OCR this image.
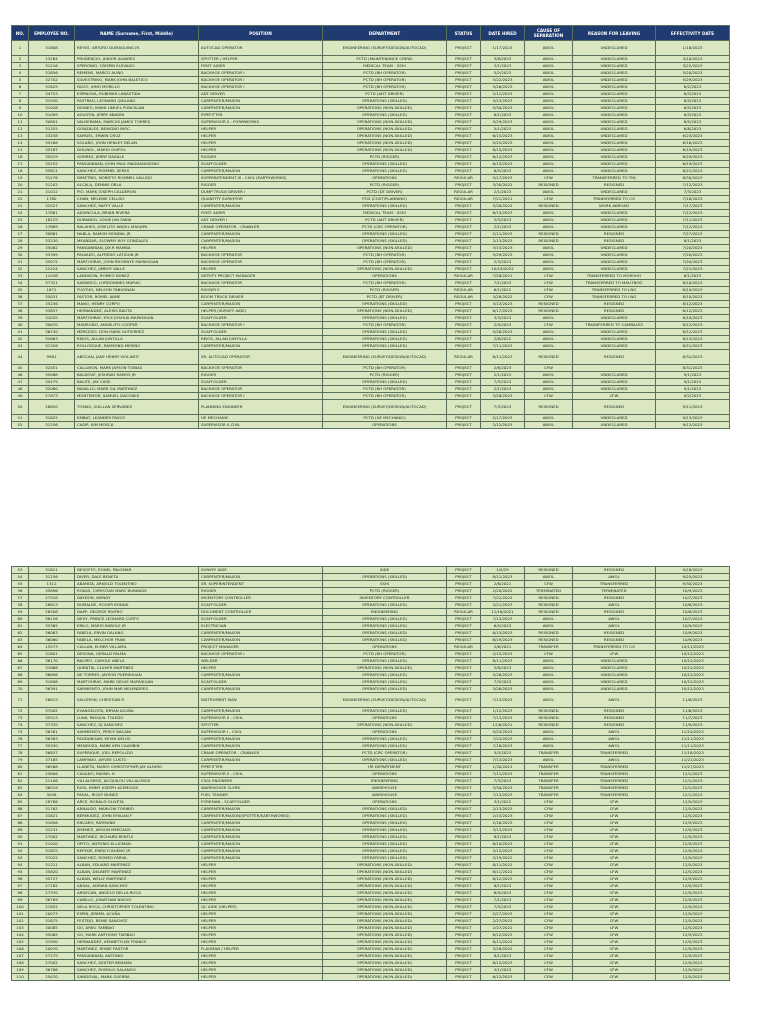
NO.	EMPLOYEE NO.	NAME (Surname, First, Middle)	POSITION	DEPARTMENT	STATUS	DATE HIRED	CAUSE OF SEPARATION	REASON FOR LEAVING	EFFECTIVITY DATE
1	31808	REYES, ARTURO DUMAGUING JR.	AUTOCAD OPERATOR	ENGINEERING (SURVEY/DESIGN/AUTOCAD)	PROJECT	1/17/2023	AWOL	UNDECLARED	1/18/2023
2	13284	PRUDENCIO, JUNIOR ALVAREZ	SPOTTER / HELPER	PCTD (MAINTENANCE CREW)	PROJECT	3/8/2023	AWOL	UNDECLARED	3/10/2023
3	31216	SPERONIO, CRISPIN ELEVADO	FIRST AIDER	MEDICAL TEAM - SSHI	PROJECT	3/1/2023	AWOL	UNDECLARED	3/22/2023
4	31856	REMENS, MARCO ALINO	BACKHOE OPERATOR I	PCTD (BH OPERATOR)	PROJECT	5/2/2023	AWOL	UNDECLARED	5/20/2023
5	32702	SILVESTRINO, MARK JOHN BALETICO	BACKHOE OPERATOR I	PCTD (BH OPERATOR)	PROJECT	5/22/2023	AWOL	UNDECLARED	5/29/2023
6	31825	FACIO, SIMO MORILLO	BACKHOE OPERATOR I	PCTD (BH OPERATOR)	PROJECT	5/26/2023	AWOL	UNDECLARED	6/2/2023
7	34753	ESPINOSA, RUBIMAR LABASTIDA	ADT DRIVER	PCTD (ADT DRIVER)	PROJECT	2/12/2023	AWOL	UNDECLARED	6/3/2023
8	31930	PASTRAO, LEONARD QUILANG	CARPENTER/MASON	OPERATIONS (SKILLED)	PROJECT	5/23/2023	AWOL	UNDECLARED	6/5/2023
9	31026	DIONEO, MARK LIMUEL PUNCALAN	CARPENTER/MASON	OPERATIONS (NON-SKILLED)	PROJECT	5/30/2023	AWOL	UNDECLARED	6/5/2023
10	31009	AGUSTIN, JERRY ABADIN	PIPEFITTER	OPERATIONS (SKILLED)	PROJECT	6/1/2023	AWOL	UNDECLARED	6/5/2023
11	30801	VALDERAMA, MARCUS JAMES TORRES	SUPERVISOR II - FORMWORKS	OPERATIONS (NON-SKILLED)	PROJECT	5/29/2023	AWOL	UNDECLARED	6/5/2023
12	31325	GONZALES, BENIGNO BIOC	HELPER	OPERATIONS (NON-SKILLED)	PROJECT	5/1/2023	AWOL	UNDECLARED	6/8/2023
13	33258	SAMUEL, ERWIN CRUZ	HELPER	OPERATIONS (NON-SKILLED)	PROJECT	6/15/2023	AWOL	UNDECLARED	6/23/2023
14	35186	SOLAÑO, JOHN HENLEY DELAN	HELPER	OPERATIONS (NON-SKILLED)	PROJECT	5/25/2023	AWOL	UNDECLARED	6/16/2023
15	35187	DOLINOL, MARIO GUIPOL	HELPER	OPERATIONS (NON-SKILLED)	PROJECT	6/15/2023	AWOL	UNDECLARED	6/19/2023
16	35019	GORRES, JERRY DAGALE	RIGGER	PCTD (RIGGER)	PROJECT	6/12/2023	AWOL	UNDECLARED	6/29/2023
17	35252	PANGANIBAN, JOHN PAUL MAGDANGSONO	SCAFFOLDER	OPERATIONS (SKILLED)	PROJECT	6/15/2023	AWOL	UNDECLARED	6/19/2023
18	35811	SANCHEZ, ROMMEL SERES	CARPENTER/MASON	OPERATIONS (SKILLED)	PROJECT	6/5/2023	AWOL	UNDECLARED	6/21/2023
19	31276	DIMETRIO, NORIETO ROMMEL VALLEJO	SUPERINTENDENT III - CIVIL (EARTHWORKS)	OPERATIONS	REGULAR	5/17/2023	CFW	TRANSFERRED TO TMJ	6/30/2023
20	31202	ALCALA, DENNIS ORLA	RIGGER	PCTD (RIGGER)	PROJECT	3/30/2022	RESIGNED	RESIGNED	7/12/2023
21	31012	PIO, MARK JOSEPH CALDERON	DUMP TRUCK DRIVER I	PCTD (DT DRIVER)	REGULAR	2/1/2023	AWOL	UNDECLARED	7/3/2023
22	1780	CHAN, MELENIE CELLDO	QUANTITY SURVEYOR	PCD (COST/PLANNING)	REGULAR	7/21/2021	CFW	TRANSFERRED TO CO	7/18/2023
23	32527	SANCHEZ, RAFFY VALLE	CARPENTER/MASON	OPERATIONS (SKILLED)	PROJECT	5/26/2022	RESIGNED	WORK ABROAD	7/17/2023
24	17861	ADVINCULA, BRIAN RIVERA	FIRST AIDER	MEDICAL TEAM - SSHI	PROJECT	6/15/2023	AWOL	UNDECLARED	7/12/2023
25	18225	DURANGO, LOUIE JUN FABIA	ADT DRIVER I	PCTD (ADT DRIVER)	PROJECT	2/3/2023	AWOL	UNDECLARED	7/11/2023
26	17889	RALAHES, JOSELITO ANGEL MAGAPA	CRANE OPERATOR - CRAWLER	PCTD (CRC OPERATOR)	PROJECT	2/1/2023	AWOL	UNDECLARED	7/12/2023
27	30881	NABLA, RAMON MONDAL JR	CARPENTER/MASON	OPERATIONS (SKILLED)	PROJECT	2/11/2023	RESIGNED	RESIGNED	7/27/2023
28	33230	MEANDAR, SLOWMY ROY GONZALES	CARPENTER/MASON	OPERATIONS (SKILLED)	PROJECT	2/13/2023	RESIGNED	RESIGNED	8/1/2023
29	35062	PANGANIBAN, JAY-R MAMBA	HELPER	OPERATIONS (NON-SKILLED)	PROJECT	3/15/2023	AWOL	UNDECLARED	7/20/2023
30	33399	PALVADO, ALFREDO LATIGUN JR	BACKHOE OPERATOR	PCTD (BH OPERATOR)	PROJECT	3/29/2023	AWOL	UNDECLARED	7/20/2023
31	35072	MARTOHRAY, JOHN RHONNYE MAPASIGAN	BACKHOE OPERATOR	PCTD (BH OPERATOR)	PROJECT	2/3/2023	AWOL	UNDECLARED	7/20/2023
32	22224	SANCHEZ, JIMBOY VALLE	HELPER	OPERATIONS (NON-SKILLED)	PROJECT	10/19/2022	AWOL	UNDECLARED	7/21/2023
33	11038	LANDISON, ROMEO NUNEZ	DEPUTY PROJECT MANAGER	OPERATIONS	REGULAR	7/28/2021	CFW	TRANSFERRED TO MOROHO	8/1/2023
34	37321	SAMARCO, LORDONINES MAPIAC	BACKHOE OPERATOR	PCTD (BH OPERATOR)	PROJECT	7/1/2023	CFW	TRANSFERRED TO MALITBOG	8/10/2023
35	1671	FUGTUO, NELSON TABUGNAN	RIGGER II	PCTD (RIGGER)	REGULAR	6/1/2022	CFW	TRANSFERRED TO LNG	8/10/2023
36	35031	FASTOR, ROMEL JAIME	BOOM TRUCK DRIVER	PCTD (BT DRIVER)	REGULAR	3/28/2022	CFW	TRANSFERRED TO LNG	8/10/2023
37	35236	MANO, HENRY CORPO	CARPENTER/MASON	OPERATIONS (SKILLED)	PROJECT	3/13/2023	RESIGNED	RESIGNED	8/12/2023
38	33857	HERNANDEZ, ALEXIS BAUTA	HELPER (SURVEY AIDE)	OPERATIONS (NON-SKILLED)	PROJECT	6/17/2023	RESIGNED	RESIGNED	8/12/2023
39	31035	MARTOHRAY, KYLE JOSHUA MAPASIGAN	SCAFFOLDER	OPERATIONS (SKILLED)	PROJECT	3/3/2023	AWOL	UNDECLARED	8/10/2023
40	30670	MADROÑO, ANGELITO COOPER	BACKHOE OPERATOR I	PCTD (BH OPERATOR)	PROJECT	2/9/2023	CFW	TRANSFERRED TO CAMBALES	8/12/2023
41	36230	MERCEDO, DON MARK GUTIERREZ	SCAFFOLDER	OPERATIONS (SKILLED)	PROJECT	5/26/2023	AWOL	UNDECLARED	8/12/2023
42	31663	REJOS, ALLAN JUNTILLA	REJOS, ALLAN JUNTILLA	OPERATIONS (SKILLED)	PROJECT	2/8/2022	AWOL	UNDECLARED	8/15/2023
43	31326	ROLLODQUE, RAYMOND MERINO	CARPENTER/MASON	OPERATIONS (SKILLED)	PROJECT	7/11/2023	AWOL	UNDECLARED	8/21/2023
44	9981	ABOCAN, JAKE HENRY VIOLANTI	SR. AUTOCAD OPERATOR	ENGINEERING (SURVEY/DESIGN/AUTOCAD)	REGULAR	6/11/2023	RESIGNED	RESIGNED	8/31/2023
45	32451	CALLAYON, MARK JAYSON TOBIAS	BACKHOE OPERATOR	PCTD (BH OPERATOR)	PROJECT	2/8/2023	CFW		8/31/2023
46	35088	BALDOVE, JESHRAD RAMOS JR	RIGGER	PCTD (RIGGER)	PROJECT	2/1/2023	AWOL	UNDECLARED	9/1/2023
47	35479	BALITE, JAY CASE	SCAFFOLDER	OPERATIONS (SKILLED)	PROJECT	7/3/2023	AWOL	UNDECLARED	9/1/2023
48	32080	NAVALLO, MARK GIL MARTINEZ	BACKHOE OPERATOR	PCTD (BH OPERATOR)	PROJECT	2/1/2023	AWOL	UNDECLARED	9/1/2023
49	27673	MONTEMOR, SAMUEL DACONES	BACKHOE OPERATOR I	PCTD (BH OPERATOR)	PROJECT	3/28/2023	CFW	CFW	9/2/2023
50	26820	TOMAS, GUILLAN SERVANEZ	PLANNING ENGINEER	ENGINEERING (SURVEY/DESIGN/AUTOCAD)	PROJECT	7/3/2023	RESIGNED	RESIGNED	9/11/2023
51	31825	EMBAT, LEANDER PASCO	HE MECHANIC	PCTD (HE MECHANIC)	PROJECT	2/17/2023	AWOL	UNDECLARED	9/13/2023
52	31256	CASIP, KIM MOSCA	SUPERVISOR II-CIVIL	OPERATIONS	PROJECT	2/12/2023	AWOL	UNDECLARED	9/13/2023
53	31821	DESOYTO, RONEL PALOMAR	SURVEY AIDE	AIDE	PROJECT	1/5/29	RESIGNED	RESIGNED	9/18/2023
54	31256	DIVER, DALE BENETA	CARPENTER/MASON	OPERATIONS (SKILLED)	PROJECT	8/11/2023	AWOL	AWOL	9/25/2023
55	1312	ABAYATA, ARNOLD TOLENTINO	SR. SUPERINTENDENT	SSHI	PROJECT	2/8/2021	CFW	TRANSFERRED	9/30/2023
56	35896	ROXAS, CHRISTIAN MARC BUBANGE	RIGGER	PCTD (RIGGER)	PROJECT	2/20/2022	TERMINATED	TERMINATED	10/9/2023
57	27318	DAYDON, WENDY	INVENTORY CONTROLLER	INVENTORY CONTROLLER	PROJECT	7/22/2022	RESIGNED	RESIGNED	10/7/2023
58	26813	DUMALDE, ROGER RONDA	SCAFFOLDER	OPERATIONS (SKILLED)	PROJECT	2/21/2023	RESIGNED	AWOL	10/6/2023
59	26508	DAEP, GEORGE RIVERO	DOCUMENT CONTROLLER	ENGINEERING	REGULAR	11/16/2021	RESIGNED	RESIGNED	10/6/2023
60	36126	DEXY, PRINCE LEONARD CURTO	SCAFFOLDER	OPERATIONS (SKILLED)	PROJECT	7/13/2023	AWOL	AWOL	10/7/2023
61	35365	ERILO, MARIO BAROLE JR	ELECTRICIAN	OPERATIONS (SKILLED)	PROJECT	6/5/2023	AWOL	AWOL	10/9/2023
62	36063	FABELA, ERVIN GALANG	CARPENTER/MASON	OPERATIONS (SKILLED)	PROJECT	6/15/2023	RESIGNED	RESIGNED	10/9/2023
63	36060	FABELA, MELCHOR FRAN	CARPENTER/MASON	OPERATIONS (SKILLED)	PROJECT	6/19/2023	RESIGNED	RESIGNED	10/9/2023
64	15573	CALLAN, ELMER VILLAMIL	PROJECT MANAGER	OPERATIONS	REGULAR	2/8/2021	TRANSFER	TRANSFERRED TO CO	10/11/2023
65	31801	DESONA, GERALD PALMA	BACKHOE OPERATOR I	PCTD (BH OPERATOR)	PROJECT	2/15/2023	CFW	CFW	10/12/2023
66	36170	BALPEO, CAROLE ABELA	WELDER	OPERATIONS (SKILLED)	PROJECT	8/11/2023	AWOL	UNDECLARED	10/12/2023
67	31866	QUENTIA, CLUVER MARTINEZ	HELPER	OPERATIONS (NON-SKILLED)	PROJECT	2/8/2023	AWOL	UNDECLARED	10/12/2023
68	36896	DE TORRES, JAYSON PUERSHUAN	CARPENTER/MASON	OPERATIONS (SKILLED)	PROJECT	5/26/2023	AWOL	UNDECLARED	10/12/2023
69	31808	MARTOHRAY, MARK GELUE MAPASIGAN	SCAFFOLDER	OPERATIONS (SKILLED)	PROJECT	7/3/2023	AWOL	UNDECLARED	10/12/2023
70	36391	SARMIENTO, JOHN MAR MELENDRES	CARPENTER/MASON	OPERATIONS (SKILLED)	PROJECT	5/26/2023	AWOL	UNDECLARED	10/12/2023
71	26815	SALOMON, CHRISTIAN R	INSTRUMENT MAN	ENGINEERING (SURVEY/DESIGN/AUTOCAD)	PROJECT	7/13/2023	AWOL	AWOL	11/6/2023
72	37002	EVANGELISTA, BRYAN ACUÑA	CARPENTER/MASON	OPERATIONS (SKILLED)	PROJECT	1/12/2023	RESIGNED	RESIGNED	11/6/2023
73	35513	LUAB, PASQUIL TOLEDO	SUPERVISOR II - CIVIL	OPERATIONS	PROJECT	7/13/2023	RESIGNED	RESIGNED	11/7/2023
74	37335	SANCHEZ, DJ SANCHEZ	SPOTTER	OPERATIONS (NON-SKILLED)	PROJECT	12/6/2021	RESIGNED	RESIGNED	11/9/2023
75	36381	SARMIENTO, PERCY BACANI	SUPERVISOR I - CIVIL	OPERATIONS	PROJECT	5/25/2023	AWOL	AWOL	11/10/2023
76	36383	PAGDUNGAN, KEVIN DELOS	CARPENTER/MASON	OPERATIONS (SKILLED)	PROJECT	7/23/2023	AWOL	AWOL	11/11/2023
77	35330	MENDOZA, MARK KEN CAAMBIN	CARPENTER/MASON	OPERATIONS (SKILLED)	PROJECT	7/18/2023	AWOL	AWOL	11/11/2023
78	36837	SUPERIQUE, JOEL REPOLLDO	CRANE OPERATOR - CRAWLER	PCTD (CRC OPERATOR)	PROJECT	5/3/2023	TRANSFER	TRANSFERRED	11/18/2023
79	37165	LAMPANO, JAYVEE CUSTO	CARPENTER/MASON	OPERATIONS (SKILLED)	PROJECT	7/13/2023	AWOL	AWOL	11/21/2023
80	36568	LLANETA, MARIO CHRISTOPHER JAY ALFARO	PIPEFITTER	HR DEPARTMENT	PROJECT	1/30/2021	TRANSFER	TRANSFERRED	11/27/2023
81	25606	CASADO, RAFAEL H	SUPERVISOR II - CIVIL	OPERATIONS	PROJECT	7/11/2023	TRANSFER	TRANSFERRED	12/1/2023
82	21106	VILLALOBOS, JACQUILOU VILLALOBOS	CIVIL ENGINEER	ENGINEERING	PROJECT	7/3/2023	TRANSFER	TRANSFERRED	12/1/2023
83	36519	RIOS, EMMY JOSEPH ACEMOIGS	WAREHOUSE CLERK	WAREHOUSE	PROJECT	3/30/2023	TRANSFER	TRANSFERRED	12/1/2023
84	3026	PASAL, RICKY NUNEZ	FUEL TENDER	WAREHOUSE	PROJECT	7/13/2023	TRANSFER	TRANSFERRED	12/1/2023
85	28786	ARCE, RONALD OLIVETA	FOREMAN - SCAFFOLDER	OPERATIONS	PROJECT	3/1/2022	CFW	CFW	12/5/2023
86	31762	ARNALDO, MARLOW TORIBIO	CARPENTER/MASON	OPERATIONS (SKILLED)	PROJECT	2/13/2023	CFW	CFW	12/5/2023
87	31821	BERMUDEZ, JOHN EMILIAN F	CARPENTER/MASON(SPOTTER/EARTHWORKS)	OPERATIONS (SKILLED)	PROJECT	2/15/2023	CFW	CFW	12/5/2023
88	31856	ENCARO, RAYMUND	CARPENTER/MASON	OPERATIONS (SKILLED)	PROJECT	2/16/2023	CFW	CFW	12/5/2023
89	31231	JIMENEZ, JAYSON MERCADO	CARPENTER/MASON	OPERATIONS (SKILLED)	PROJECT	3/13/2023	CFW	CFW	12/5/2023
90	27002	MARTINEZ, RICHARD BENTLE	CARPENTER/MASON	OPERATIONS (SKILLED)	PROJECT	8/1/2023	CFW	CFW	12/5/2023
91	21020	OPITO, ANTONIO ELLIOMAN	CARPENTER/MASON	OPERATIONS (SKILLED)	PROJECT	8/10/2023	CFW	CFW	12/5/2023
92	31825	REPEDE, ENRICO BUENO JR	CARPENTER/MASON	OPERATIONS (SKILLED)	PROJECT	2/12/2023	CFW	CFW	12/5/2023
93	37022	SANCHEZ, ROMEO FARIAL	CARPENTER/MASON	OPERATIONS (SKILLED)	PROJECT	2/19/2022	CFW	CFW	12/5/2023
94	31221	ALBAN, EDUARD MARTINEZ	HELPER	OPERATIONS (NON-SKILLED)	PROJECT	8/11/2022	CFW	CFW	12/5/2023
95	35820	ALBAN, DELBERT MARTINEZ	HELPER	OPERATIONS (NON-SKILLED)	PROJECT	8/11/2022	CFW	CFW	12/5/2023
96	35727	ALBAN, WELLY MARTINEZ	HELPER	OPERATIONS (NON-SKILLED)	PROJECT	6/12/2023	CFW	CFW	12/5/2023
97	27182	ANSAL, ADRIAN SANCHEZ	HELPER	OPERATIONS (NON-SKILLED)	PROJECT	8/1/2023	CFW	CFW	12/5/2023
98	27370	ARDECAN, ANGELO DELLA ROCA	HELPER	OPERATIONS (NON-SKILLED)	PROJECT	6/9/2023	CFW	CFW	12/5/2023
99	36769	CABILLO, JONATHAN NUEVO	HELPER	OPERATIONS (NON-SKILLED)	PROJECT	7/1/2023	CFW	CFW	12/5/2023
100	21852	DELA ROCA, CHRISTOPHER TOLENTINO	QC AIDE (HELPER)	OPERATIONS (NON-SKILLED)	PROJECT	7/3/2023	CFW	CFW	12/5/2023
101	20073	ESPIN, JERMEL ACUÑA	HELPER	OPERATIONS (NON-SKILLED)	PROJECT	2/27/2023	CFW	CFW	12/5/2023
102	31875	FESTEJO, RENIE SANCHEZ	HELPER	OPERATIONS (NON-SKILLED)	PROJECT	2/27/2023	CFW	CFW	12/5/2023
103	30085	GO, ARIEL TAMBAO	HELPER	OPERATIONS (NON-SKILLED)	PROJECT	2/27/2022	CFW	CFW	12/5/2023
104	35065	GO, MARK ANTHONY TAMBAO	HELPER	OPERATIONS (NON-SKILLED)	PROJECT	6/12/2023	CFW	CFW	12/5/2023
105	31950	HERNANDEZ, KENNETH JAY FRANCE	HELPER	OPERATIONS (NON-SKILLED)	PROJECT	6/11/2022	CFW	CFW	12/5/2023
106	20070	MARTINEZ, RONIE PASTOR	FLAGMAN / HELPER	OPERATIONS (NON-SKILLED)	PROJECT	3/28/2022	CFW	CFW	12/5/2023
107	27275	PANGANIBAN, ANTONIO	HELPER	OPERATIONS (NON-SKILLED)	PROJECT	8/1/2023	CFW	CFW	12/5/2023
108	27002	SANCHEZ, DEXTER BENAMA	HELPER	OPERATIONS (NON-SKILLED)	PROJECT	6/12/2023	CFW	CFW	12/5/2023
109	36786	SANCHEZ, ROMULO SALANGO	HELPER	OPERATIONS (NON-SKILLED)	PROJECT	5/1/2023	CFW	CFW	12/5/2023
110	25070	SANDOVAL, MARK GUERRA	HELPER	OPERATIONS (NON-SKILLED)	PROJECT	6/12/2023	CFW	CFW	12/5/2023
